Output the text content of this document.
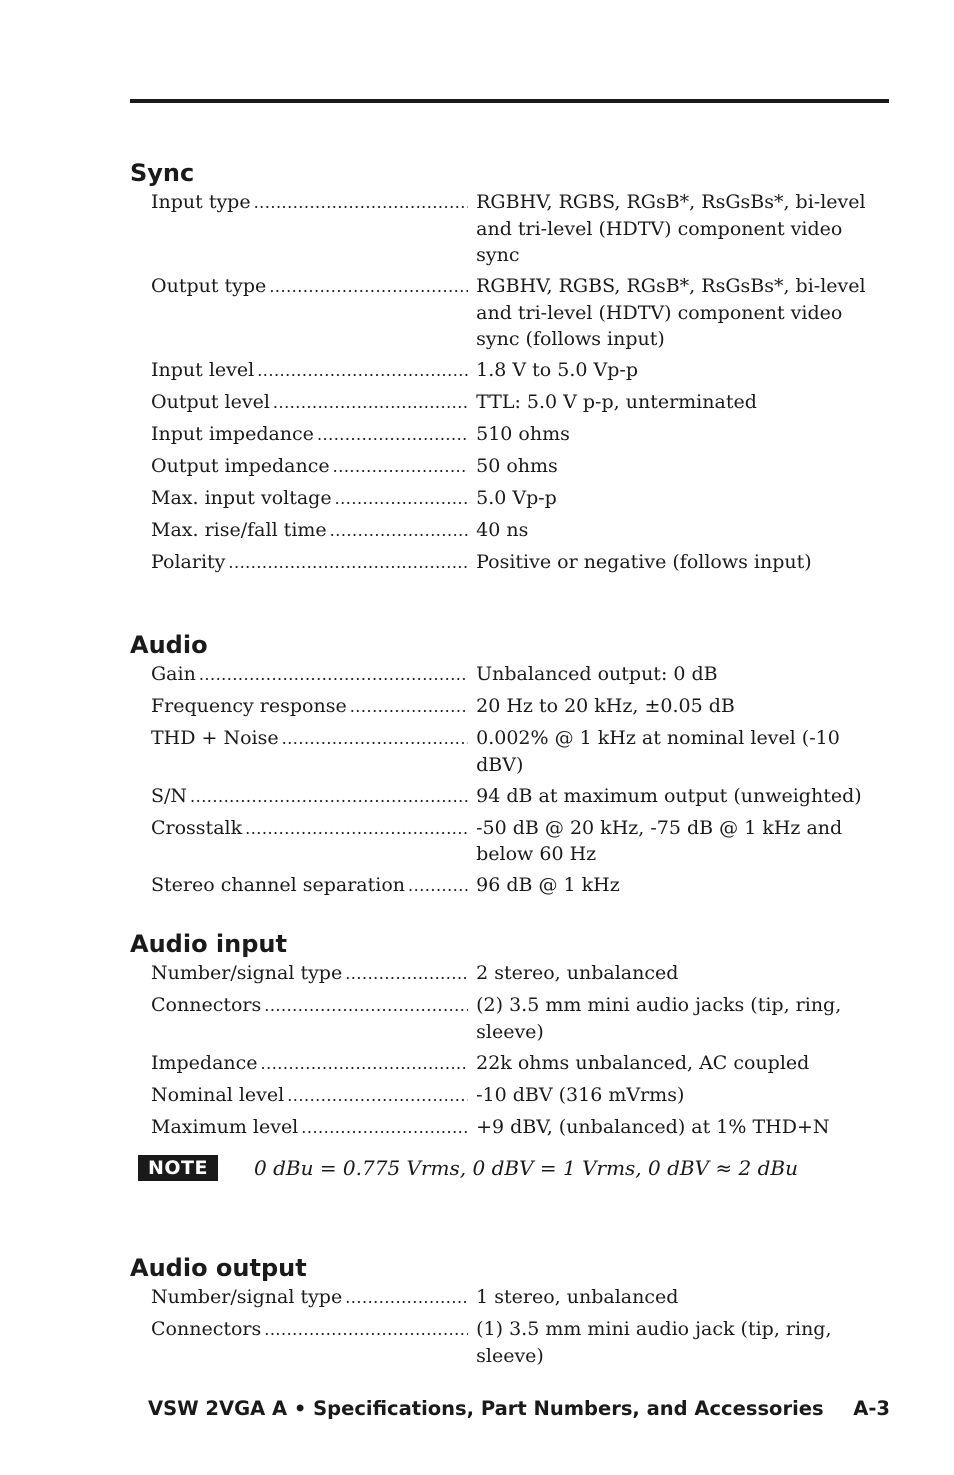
Sync
Input type .....	RGBHV, RGBS, RGsB*, RsGsBs*, bi-level and tri-level (HDTV) component video sync
Output type .....	RGBHV, RGBS, RGsB*, RsGsBs*, bi-level and tri-level (HDTV) component video sync (follows input)
Input level .....	1.8 V to 5.0 Vp-p
Output level .....	TTL: 5.0 V p-p, unterminated
Input impedance .....	510 ohms
Output impedance .....	50 ohms
Max. input voltage .....	5.0 Vp-p
Max. rise/fall time .....	40 ns
Polarity .....	Positive or negative (follows input)
Audio
Gain .....	Unbalanced output: 0 dB
Frequency response .....	20 Hz to 20 kHz, ±0.05 dB
THD + Noise .....	0.002% @ 1 kHz at nominal level (-10 dBV)
S/N .....	94 dB at maximum output (unweighted)
Crosstalk .....	-50 dB @ 20 kHz, -75 dB @ 1 kHz and below 60 Hz
Stereo channel separation .....	96 dB @ 1 kHz
Audio input
Number/signal type .....	2 stereo, unbalanced
Connectors .....	(2) 3.5 mm mini audio jacks (tip, ring, sleeve)
Impedance .....	22k ohms unbalanced, AC coupled
Nominal level .....	-10 dBV (316 mVrms)
Maximum level .....	+9 dBV, (unbalanced) at 1% THD+N
NOTE	0 dBu = 0.775 Vrms, 0 dBV = 1 Vrms, 0 dBV ≈ 2 dBu
Audio output
Number/signal type .....	1 stereo, unbalanced
Connectors .....	(1) 3.5 mm mini audio jack (tip, ring, sleeve)
VSW 2VGA A • Specifications, Part Numbers, and Accessories A-3
